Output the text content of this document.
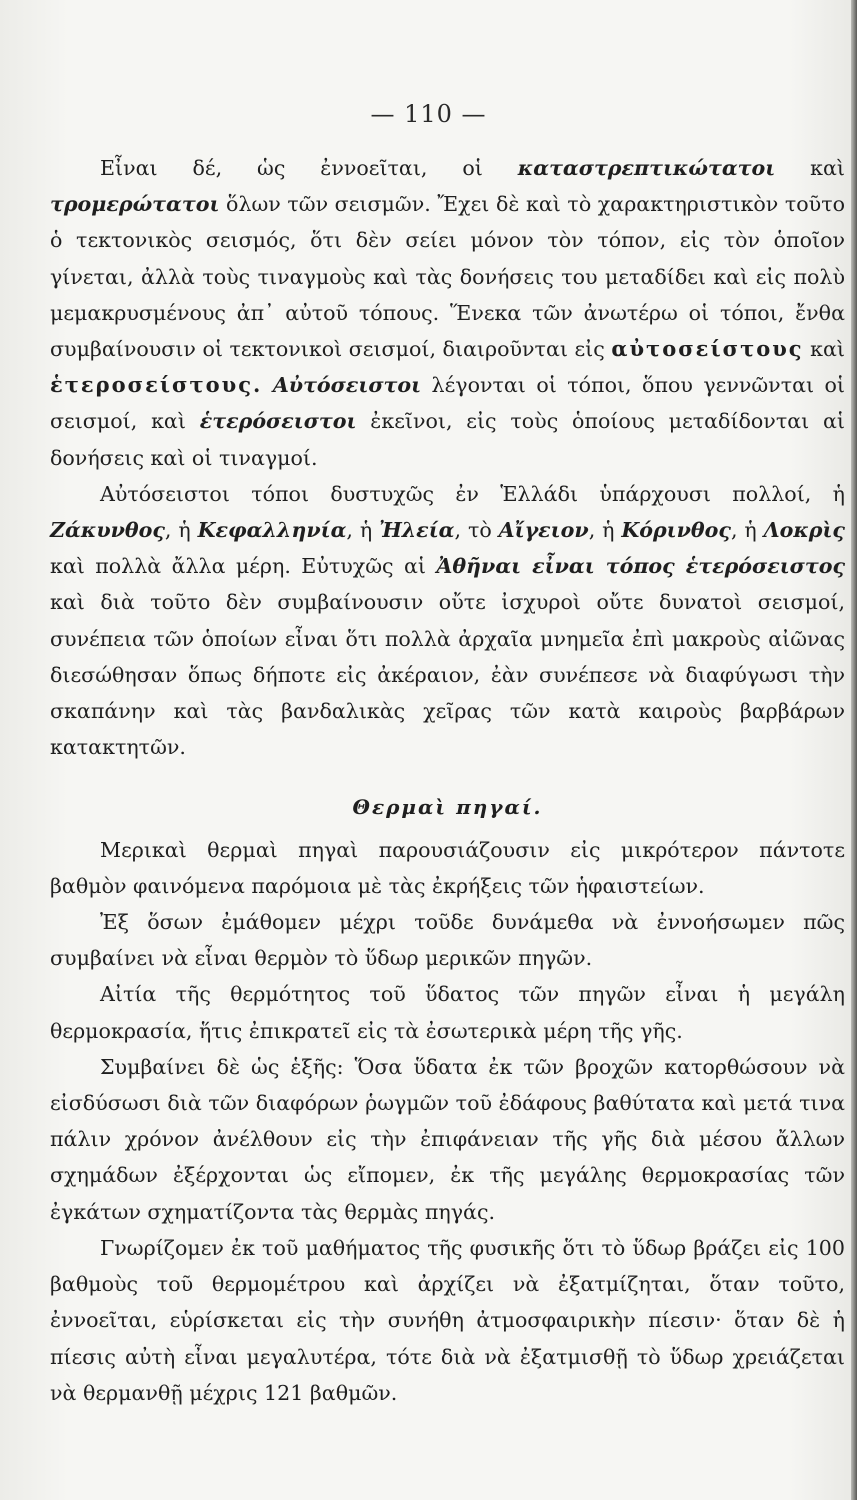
— 110 —

Εἶναι δέ, ὡς ἐννοεῖται, οἱ καταστρεπτικώτατοι καὶ τρομερώτατοι ὅλων τῶν σεισμῶν. Ἔχει δὲ καὶ τὸ χαρακτηριστικὸν τοῦτο ὁ τεκτονικὸς σεισμός, ὅτι δὲν σείει μόνον τὸν τόπον, εἰς τὸν ὁποῖον γίνεται, ἀλλὰ τοὺς τιναγμοὺς καὶ τὰς δονήσεις του μεταδίδει καὶ εἰς πολὺ μεμακρυσμένους ἀπ᾿ αὐτοῦ τόπους. Ἕνεκα τῶν ἀνωτέρω οἱ τόποι, ἔνθα συμβαίνουσιν οἱ τεκτονικοὶ σεισμοί, διαιροῦνται εἰς αὐτοσείστους καὶ ἑτεροσείστους. Αὐτόσειστοι λέγονται οἱ τόποι, ὅπου γεννῶνται οἱ σεισμοί, καὶ ἑτερόσειστοι ἐκεῖνοι, εἰς τοὺς ὁποίους μεταδίδονται αἱ δονήσεις καὶ οἱ τιναγμοί.

Αὐτόσειστοι τόποι δυστυχῶς ἐν Ἑλλάδι ὑπάρχουσι πολλοί, ἡ Ζάκυνθος, ἡ Κεφαλληνία, ἡ Ἠλεία, τὸ Αἴγειον, ἡ Κόρινθος, ἡ Λοκρὶς καὶ πολλὰ ἄλλα μέρη. Εὐτυχῶς αἱ Ἀθῆναι εἶναι τόπος ἑτερόσειστος καὶ διὰ τοῦτο δὲν συμβαίνουσιν οὔτε ἰσχυροὶ οὔτε δυνατοὶ σεισμοί, συνέπεια τῶν ὁποίων εἶναι ὅτι πολλὰ ἀρχαῖα μνημεῖα ἐπὶ μακροὺς αἰῶνας διεσώθησαν ὅπως δήποτε εἰς ἀκέραιον, ἐὰν συνέπεσε νὰ διαφύγωσι τὴν σκαπάνην καὶ τὰς βανδαλικὰς χεῖρας τῶν κατὰ καιροὺς βαρβάρων κατακτητῶν.

Θερμαὶ πηγαί.

Μερικαὶ θερμαὶ πηγαὶ παρουσιάζουσιν εἰς μικρότερον πάντοτε βαθμὸν φαινόμενα παρόμοια μὲ τὰς ἐκρήξεις τῶν ἡφαιστείων.

Ἐξ ὅσων ἐμάθομεν μέχρι τοῦδε δυνάμεθα νὰ ἐννοήσωμεν πῶς συμβαίνει νὰ εἶναι θερμὸν τὸ ὕδωρ μερικῶν πηγῶν.

Αἰτία τῆς θερμότητος τοῦ ὕδατος τῶν πηγῶν εἶναι ἡ μεγάλη θερμοκρασία, ἥτις ἐπικρατεῖ εἰς τὰ ἐσωτερικὰ μέρη τῆς γῆς.

Συμβαίνει δὲ ὡς ἑξῆς: Ὅσα ὕδατα ἐκ τῶν βροχῶν κατορθώσουν νὰ εἰσδύσωσι διὰ τῶν διαφόρων ῥωγμῶν τοῦ ἐδάφους βαθύτατα καὶ μετά τινα πάλιν χρόνον ἀνέλθουν εἰς τὴν ἐπιφάνειαν τῆς γῆς διὰ μέσου ἄλλων σχημάδων ἐξέρχονται ὡς εἴπομεν, ἐκ τῆς μεγάλης θερμοκρασίας τῶν ἐγκάτων σχηματίζοντα τὰς θερμὰς πηγάς.

Γνωρίζομεν ἐκ τοῦ μαθήματος τῆς φυσικῆς ὅτι τὸ ὕδωρ βράζει εἰς 100 βαθμοὺς τοῦ θερμομέτρου καὶ ἀρχίζει νὰ ἐξατμίζηται, ὅταν τοῦτο, ἐννοεῖται, εὑρίσκεται εἰς τὴν συνήθη ἀτμοσφαιρικὴν πίεσιν· ὅταν δὲ ἡ πίεσις αὐτὴ εἶναι μεγαλυτέρα, τότε διὰ νὰ ἐξατμισθῇ τὸ ὕδωρ χρειάζεται νὰ θερμανθῇ μέχρις 121 βαθμῶν.
